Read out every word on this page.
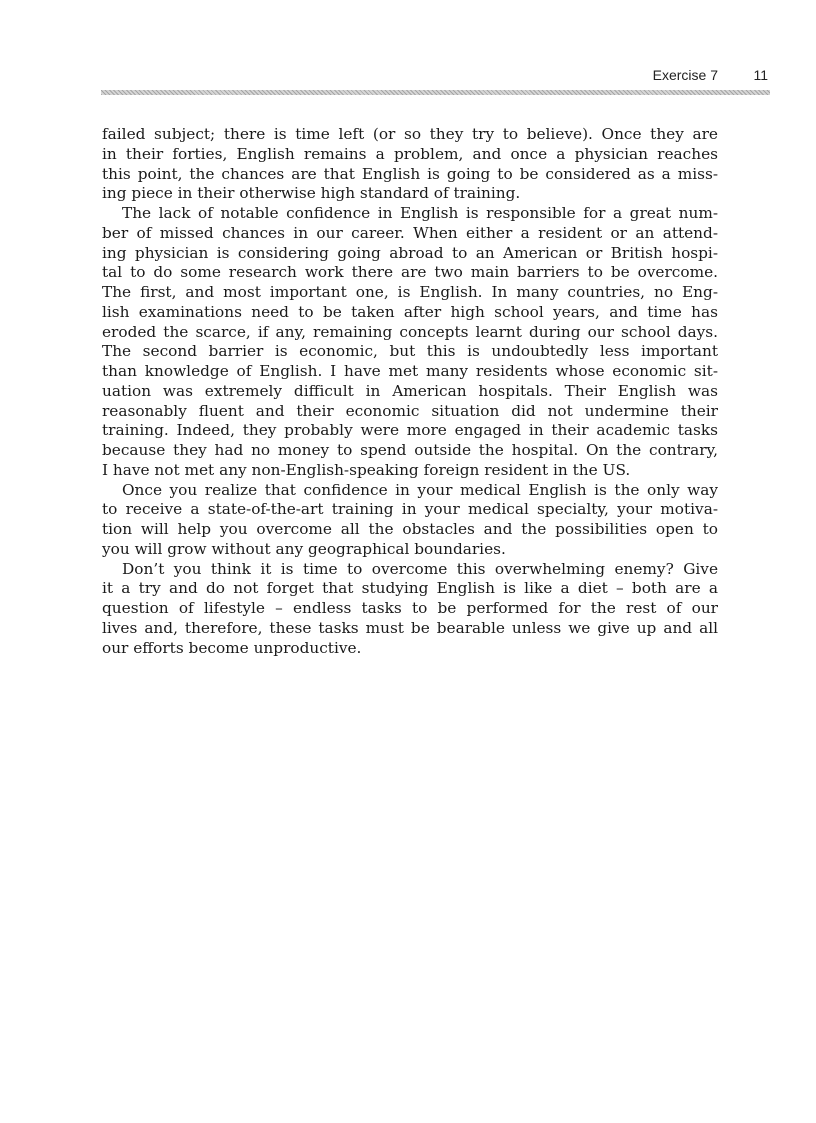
Exercise 7	11
failed subject; there is time left (or so they try to believe). Once they are
in their forties, English remains a problem, and once a physician reaches
this point, the chances are that English is going to be considered as a miss-
ing piece in their otherwise high standard of training.
The lack of notable confidence in English is responsible for a great num-
ber of missed chances in our career. When either a resident or an attend-
ing physician is considering going abroad to an American or British hospi-
tal to do some research work there are two main barriers to be overcome.
The first, and most important one, is English. In many countries, no Eng-
lish examinations need to be taken after high school years, and time has
eroded the scarce, if any, remaining concepts learnt during our school days.
The second barrier is economic, but this is undoubtedly less important
than knowledge of English. I have met many residents whose economic sit-
uation was extremely difficult in American hospitals. Their English was
reasonably fluent and their economic situation did not undermine their
training. Indeed, they probably were more engaged in their academic tasks
because they had no money to spend outside the hospital. On the contrary,
I have not met any non-English-speaking foreign resident in the US.
Once you realize that confidence in your medical English is the only way
to receive a state-of-the-art training in your medical specialty, your motiva-
tion will help you overcome all the obstacles and the possibilities open to
you will grow without any geographical boundaries.
Don’t you think it is time to overcome this overwhelming enemy? Give
it a try and do not forget that studying English is like a diet – both are a
question of lifestyle – endless tasks to be performed for the rest of our
lives and, therefore, these tasks must be bearable unless we give up and all
our efforts become unproductive.
